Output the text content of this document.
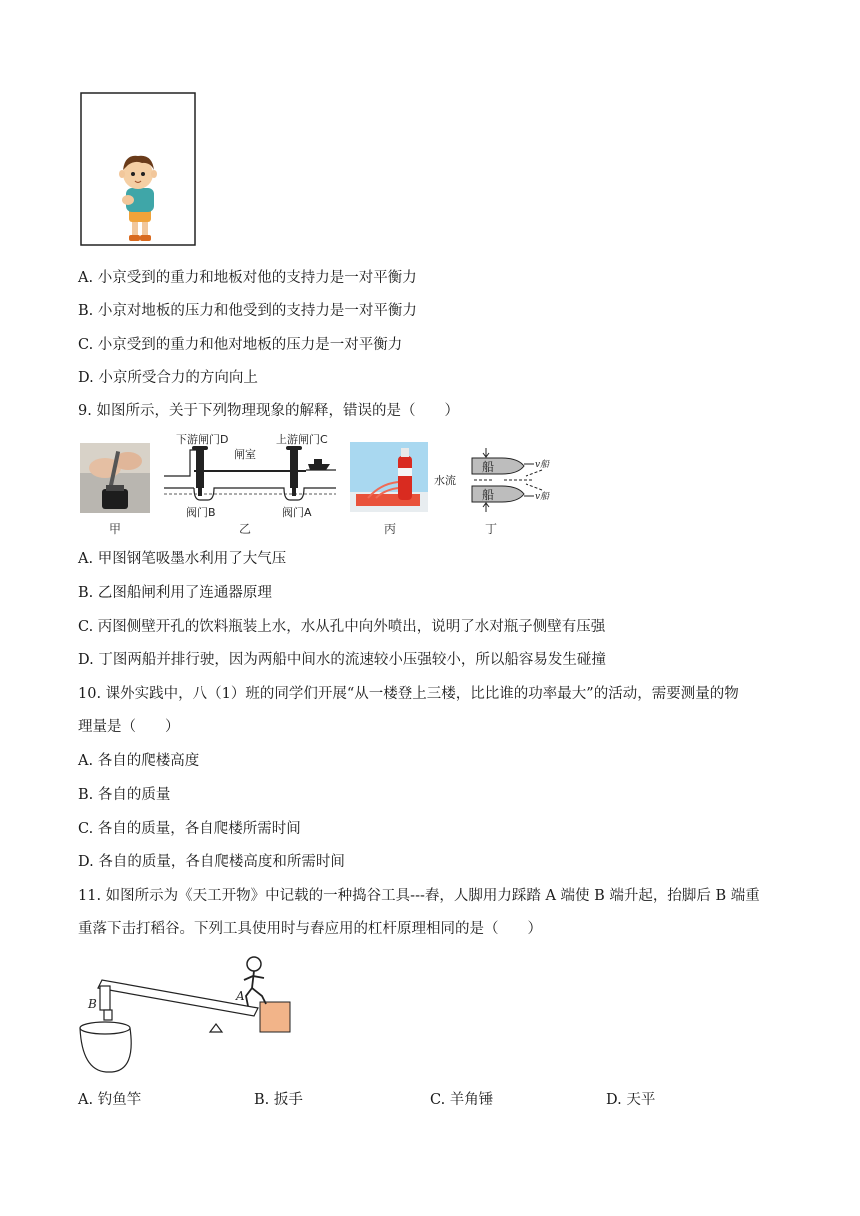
A. 小京受到的重力和地板对他的支持力是一对平衡力
B. 小京对地板的压力和他受到的支持力是一对平衡力
C. 小京受到的重力和他对地板的压力是一对平衡力
D. 小京所受合力的方向向上
9. 如图所示，关于下列物理现象的解释，错误的是（　　）
甲
下游闸门D	上游闸门C
闸室
阀门B	阀门A
乙	丙
船
船
水流
v船
v船
丁
A. 甲图钢笔吸墨水利用了大气压
B. 乙图船闸利用了连通器原理
C. 丙图侧壁开孔的饮料瓶装上水，水从孔中向外喷出，说明了水对瓶子侧壁有压强
D. 丁图两船并排行驶，因为两船中间水的流速较小压强较小，所以船容易发生碰撞
10. 课外实践中，八（1）班的同学们开展“从一楼登上三楼，比比谁的功率最大”的活动，需要测量的物
理量是（　　）
A. 各自的爬楼高度
B. 各自的质量
C. 各自的质量，各自爬楼所需时间
D. 各自的质量，各自爬楼高度和所需时间
11. 如图所示为《天工开物》中记载的一种捣谷工具---舂，人脚用力踩踏 A 端使 B 端升起，抬脚后 B 端重
重落下击打稻谷。下列工具使用时与舂应用的杠杆原理相同的是（　　）
B
A
A. 钓鱼竿	B. 扳手	C. 羊角锤	D. 天平
